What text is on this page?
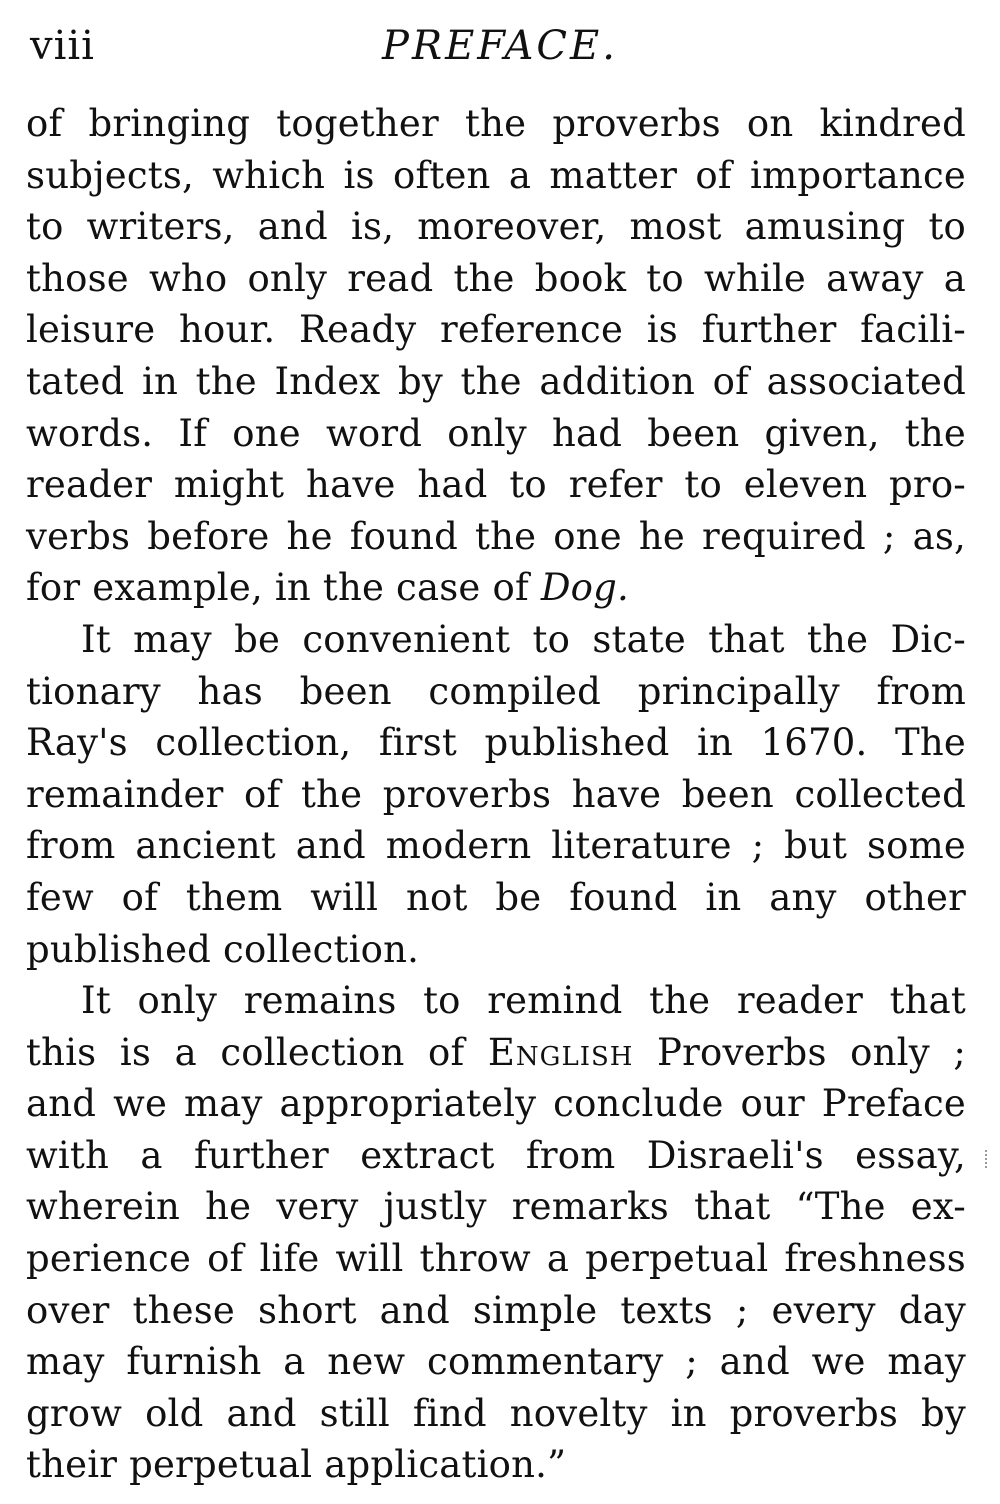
viii	PREFACE.
of bringing together the proverbs on kindred
subjects, which is often a matter of importance
to writers, and is, moreover, most amusing to
those who only read the book to while away a
leisure hour. Ready reference is further facili-
tated in the Index by the addition of associated
words. If one word only had been given, the
reader might have had to refer to eleven pro-
verbs before he found the one he required ; as,
for example, in the case of Dog.
It may be convenient to state that the Dic-
tionary has been compiled principally from
Ray's collection, first published in 1670. The
remainder of the proverbs have been collected
from ancient and modern literature ; but some
few of them will not be found in any other
published collection.
It only remains to remind the reader that
this is a collection of English Proverbs only ;
and we may appropriately conclude our Preface
with a further extract from Disraeli's essay,
wherein he very justly remarks that “The ex-
perience of life will throw a perpetual freshness
over these short and simple texts ; every day
may furnish a new commentary ; and we may
grow old and still find novelty in proverbs by
their perpetual application.”
